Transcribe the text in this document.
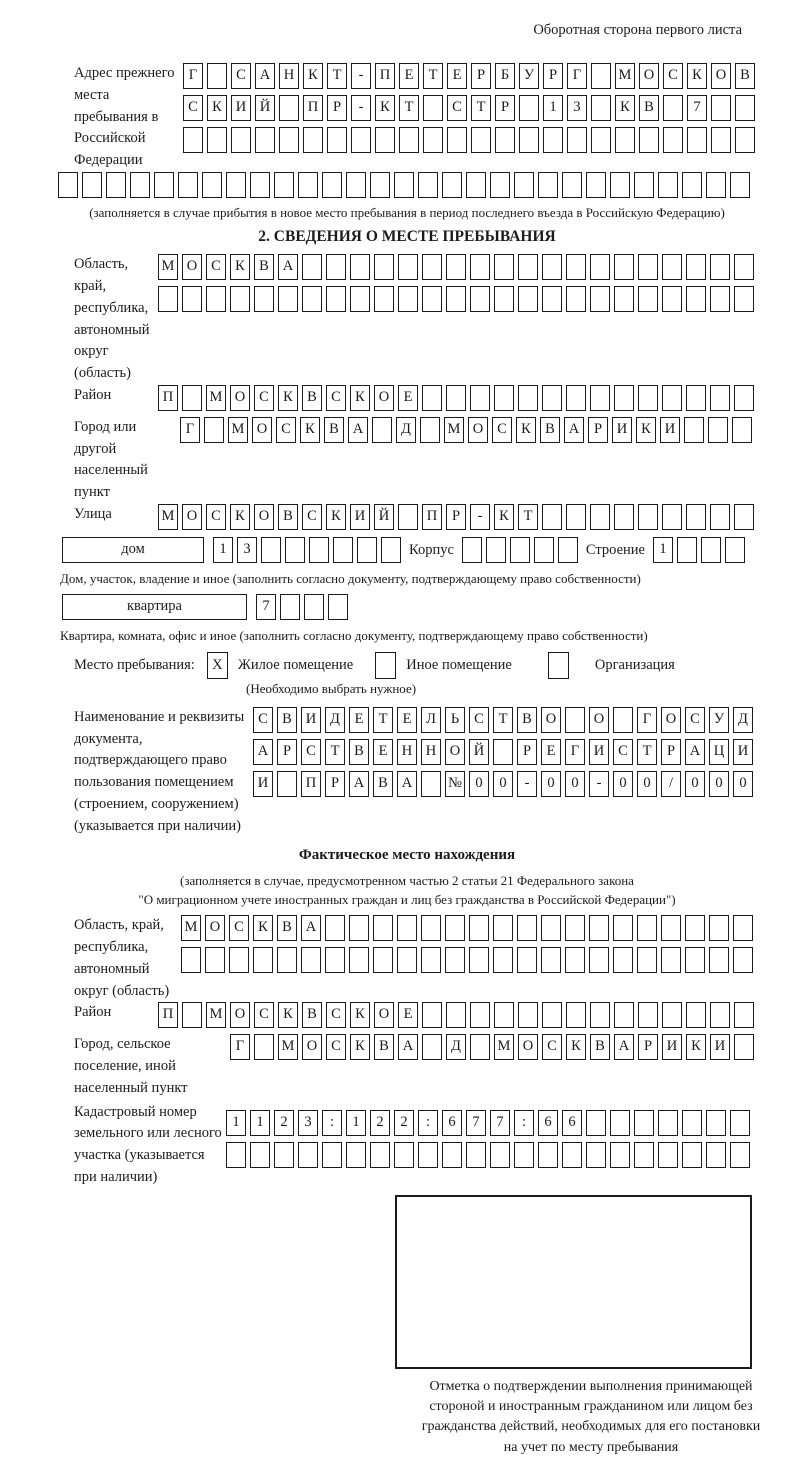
Оборотная сторона первого листа
Адрес прежнего места пребывания в Российской Федерации
Г	С А Н К Т - П Е Т Е Р Б У Р Г	М О С К О В
С К И Й	П Р - К Т	С Т Р	1 3	К В	7
(заполняется в случае прибытия в новое место пребывания в период последнего въезда в Российскую Федерацию)
2. СВЕДЕНИЯ О МЕСТЕ ПРЕБЫВАНИЯ
Область, край, республика, автономный округ (область)
М О С К В А
Район	П	М О С К В С К О Е
Город или другой населенный пункт
Г	М О С К В А	Д	М О С К В А Р И К И
Улица	М О С К О В С К И Й	П Р - К Т
дом	1 3	Корпус	Строение 1
Дом, участок, владение и иное (заполнить согласно документу, подтверждающему право собственности)
квартира	7
Квартира, комната, офис и иное (заполнить согласно документу, подтверждающему право собственности)
Место пребывания:	X	Жилое помещение	Иное помещение	Организация
(Необходимо выбрать нужное)
Наименование и реквизиты документа, подтверждающего право пользования помещением (строением, сооружением) (указывается при наличии)
С В И Д Е Т Е Л Ь С Т В О	О	Г О С У Д
А Р С Т В Е Н Н О Й	Р Е Г И С Т Р А Ц И
И	П Р А В А № 0 0 - 0 0 - 0 0 / 0 0 0
Фактическое место нахождения
(заполняется в случае, предусмотренном частью 2 статьи 21 Федерального закона
"О миграционном учете иностранных граждан и лиц без гражданства в Российской Федерации")
Область, край, республика, автономный округ (область)
М О С К В А
Район	П	М О С К В С К О Е
Город, сельское поселение, иной населенный пункт
Г	М О С К В А	Д	М О С К В А Р И К И
Кадастровый номер земельного или лесного участка (указывается при наличии)
1 1 2 3 : 1 2 2 : 6 7 7 : 6 6
Отметка о подтверждении выполнения принимающей
стороной и иностранным гражданином или лицом без
гражданства действий, необходимых для его постановки
на учет по месту пребывания
